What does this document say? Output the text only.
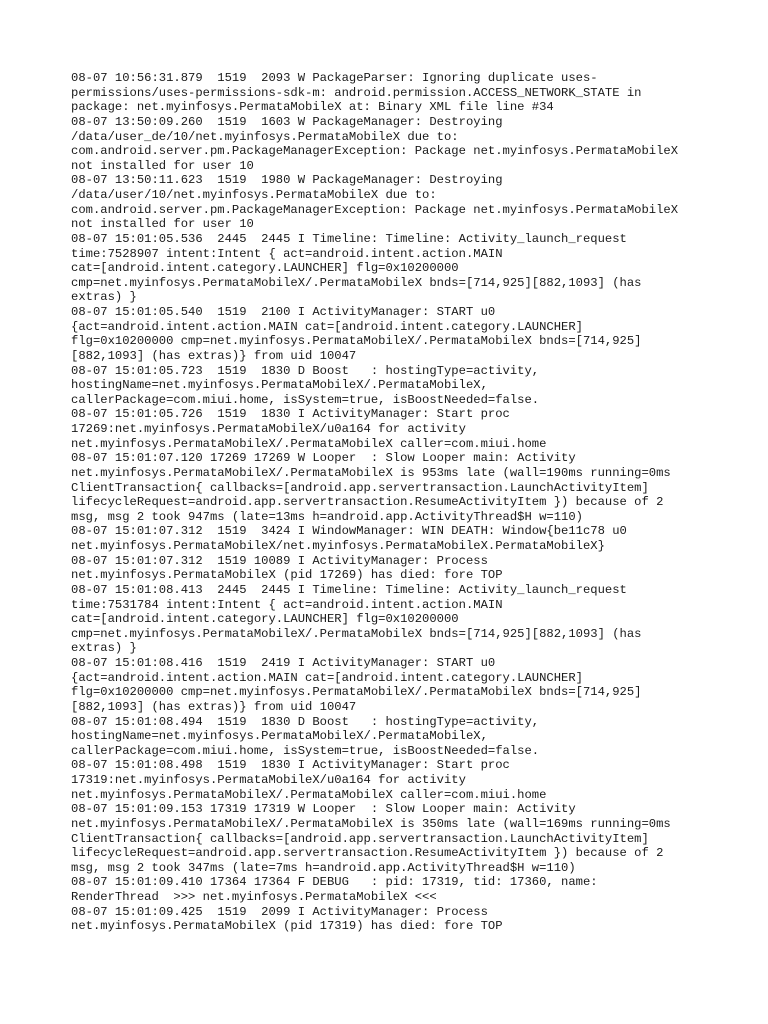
08-07 10:56:31.879  1519  2093 W PackageParser: Ignoring duplicate uses-
permissions/uses-permissions-sdk-m: android.permission.ACCESS_NETWORK_STATE in
package: net.myinfosys.PermataMobileX at: Binary XML file line #34
08-07 13:50:09.260  1519  1603 W PackageManager: Destroying
/data/user_de/10/net.myinfosys.PermataMobileX due to:
com.android.server.pm.PackageManagerException: Package net.myinfosys.PermataMobileX
not installed for user 10
08-07 13:50:11.623  1519  1980 W PackageManager: Destroying
/data/user/10/net.myinfosys.PermataMobileX due to:
com.android.server.pm.PackageManagerException: Package net.myinfosys.PermataMobileX
not installed for user 10
08-07 15:01:05.536  2445  2445 I Timeline: Timeline: Activity_launch_request
time:7528907 intent:Intent { act=android.intent.action.MAIN
cat=[android.intent.category.LAUNCHER] flg=0x10200000
cmp=net.myinfosys.PermataMobileX/.PermataMobileX bnds=[714,925][882,1093] (has
extras) }
08-07 15:01:05.540  1519  2100 I ActivityManager: START u0
{act=android.intent.action.MAIN cat=[android.intent.category.LAUNCHER]
flg=0x10200000 cmp=net.myinfosys.PermataMobileX/.PermataMobileX bnds=[714,925]
[882,1093] (has extras)} from uid 10047
08-07 15:01:05.723  1519  1830 D Boost   : hostingType=activity,
hostingName=net.myinfosys.PermataMobileX/.PermataMobileX,
callerPackage=com.miui.home, isSystem=true, isBoostNeeded=false.
08-07 15:01:05.726  1519  1830 I ActivityManager: Start proc
17269:net.myinfosys.PermataMobileX/u0a164 for activity
net.myinfosys.PermataMobileX/.PermataMobileX caller=com.miui.home
08-07 15:01:07.120 17269 17269 W Looper  : Slow Looper main: Activity
net.myinfosys.PermataMobileX/.PermataMobileX is 953ms late (wall=190ms running=0ms
ClientTransaction{ callbacks=[android.app.servertransaction.LaunchActivityItem]
lifecycleRequest=android.app.servertransaction.ResumeActivityItem }) because of 2
msg, msg 2 took 947ms (late=13ms h=android.app.ActivityThread$H w=110)
08-07 15:01:07.312  1519  3424 I WindowManager: WIN DEATH: Window{be11c78 u0
net.myinfosys.PermataMobileX/net.myinfosys.PermataMobileX.PermataMobileX}
08-07 15:01:07.312  1519 10089 I ActivityManager: Process
net.myinfosys.PermataMobileX (pid 17269) has died: fore TOP
08-07 15:01:08.413  2445  2445 I Timeline: Timeline: Activity_launch_request
time:7531784 intent:Intent { act=android.intent.action.MAIN
cat=[android.intent.category.LAUNCHER] flg=0x10200000
cmp=net.myinfosys.PermataMobileX/.PermataMobileX bnds=[714,925][882,1093] (has
extras) }
08-07 15:01:08.416  1519  2419 I ActivityManager: START u0
{act=android.intent.action.MAIN cat=[android.intent.category.LAUNCHER]
flg=0x10200000 cmp=net.myinfosys.PermataMobileX/.PermataMobileX bnds=[714,925]
[882,1093] (has extras)} from uid 10047
08-07 15:01:08.494  1519  1830 D Boost   : hostingType=activity,
hostingName=net.myinfosys.PermataMobileX/.PermataMobileX,
callerPackage=com.miui.home, isSystem=true, isBoostNeeded=false.
08-07 15:01:08.498  1519  1830 I ActivityManager: Start proc
17319:net.myinfosys.PermataMobileX/u0a164 for activity
net.myinfosys.PermataMobileX/.PermataMobileX caller=com.miui.home
08-07 15:01:09.153 17319 17319 W Looper  : Slow Looper main: Activity
net.myinfosys.PermataMobileX/.PermataMobileX is 350ms late (wall=169ms running=0ms
ClientTransaction{ callbacks=[android.app.servertransaction.LaunchActivityItem]
lifecycleRequest=android.app.servertransaction.ResumeActivityItem }) because of 2
msg, msg 2 took 347ms (late=7ms h=android.app.ActivityThread$H w=110)
08-07 15:01:09.410 17364 17364 F DEBUG   : pid: 17319, tid: 17360, name:
RenderThread  >>> net.myinfosys.PermataMobileX <<<
08-07 15:01:09.425  1519  2099 I ActivityManager: Process
net.myinfosys.PermataMobileX (pid 17319) has died: fore TOP
